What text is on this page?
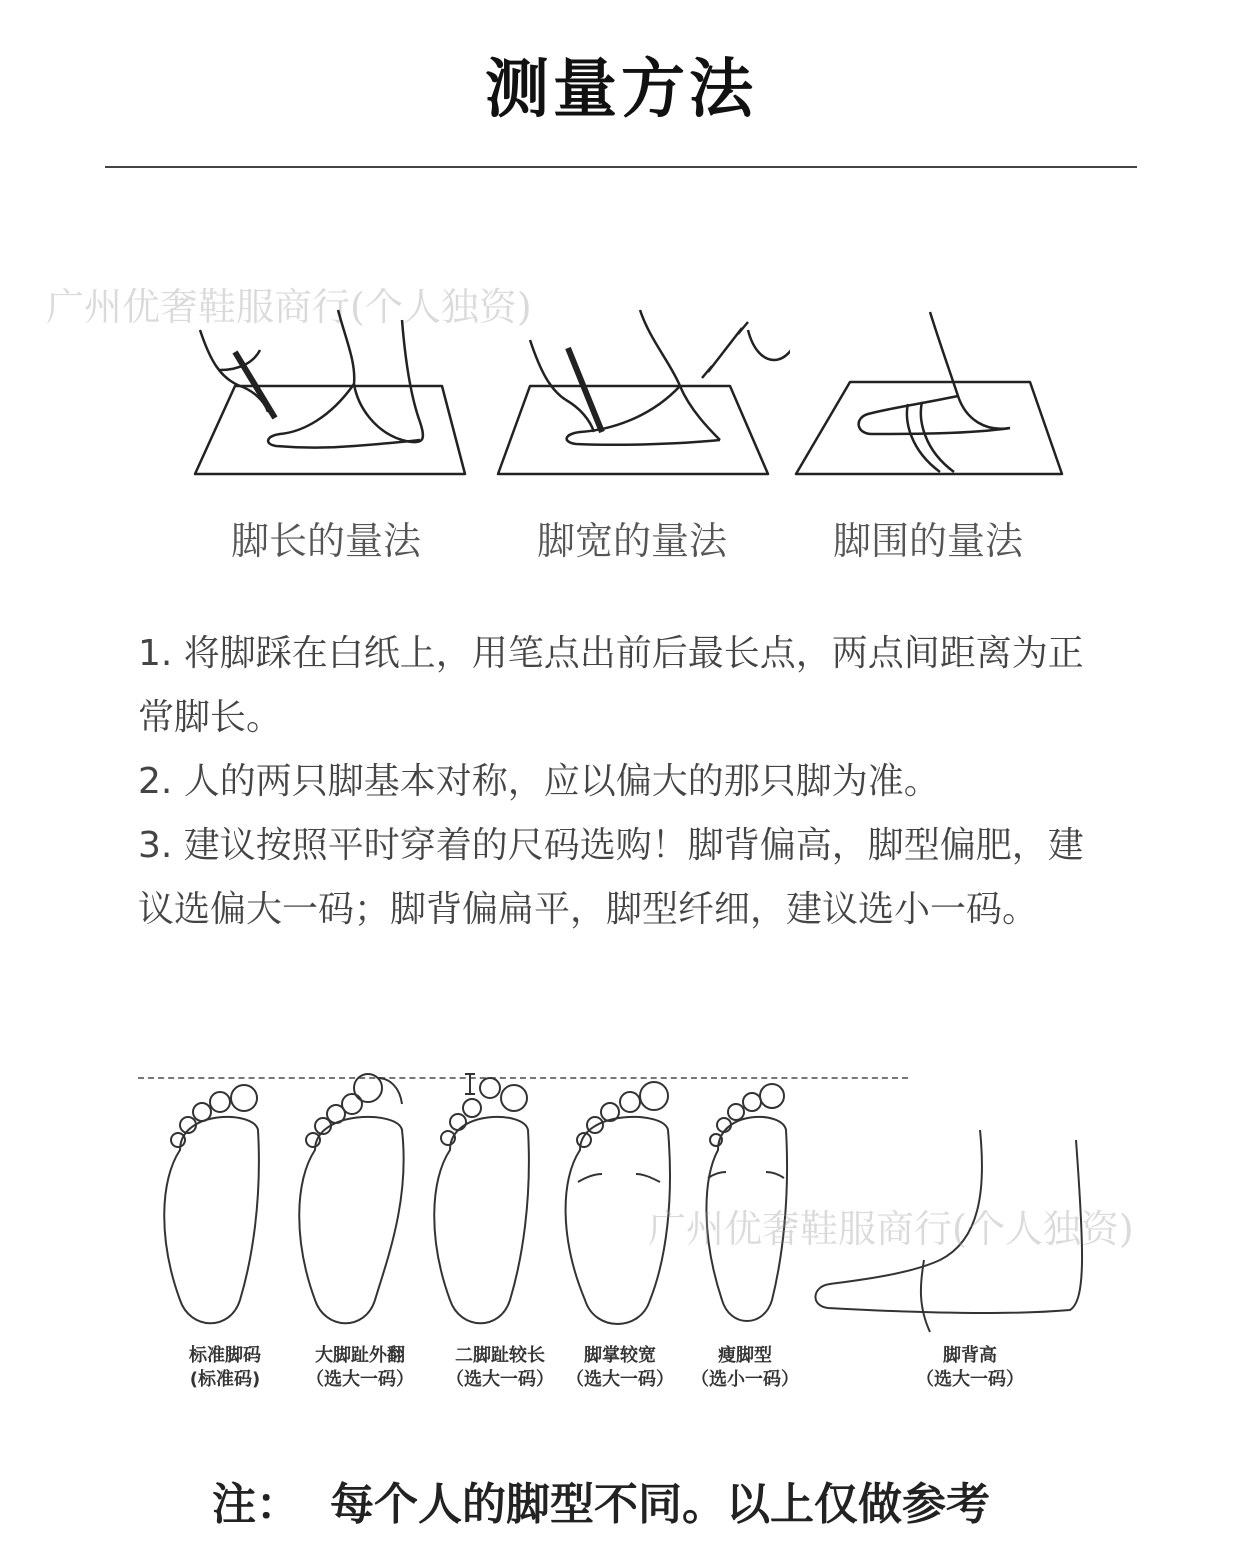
测量方法
广州优奢鞋服商行(个人独资)
脚长的量法	脚宽的量法	脚围的量法

1. 将脚踩在白纸上，用笔点出前后最长点，两点间距离为正常脚长。

2. 人的两只脚基本对称，应以偏大的那只脚为准。

3. 建议按照平时穿着的尺码选购！脚背偏高，脚型偏肥，建议选偏大一码；脚背偏扁平，脚型纤细，建议选小一码。

广州优奢鞋服商行(个人独资)
标准脚码
(标准码)
大脚趾外翻
（选大一码）
二脚趾较长
（选大一码）
脚掌较宽
（选大一码）
瘦脚型
（选小一码）
脚背高
（选大一码）
注： 每个人的脚型不同。以上仅做参考
